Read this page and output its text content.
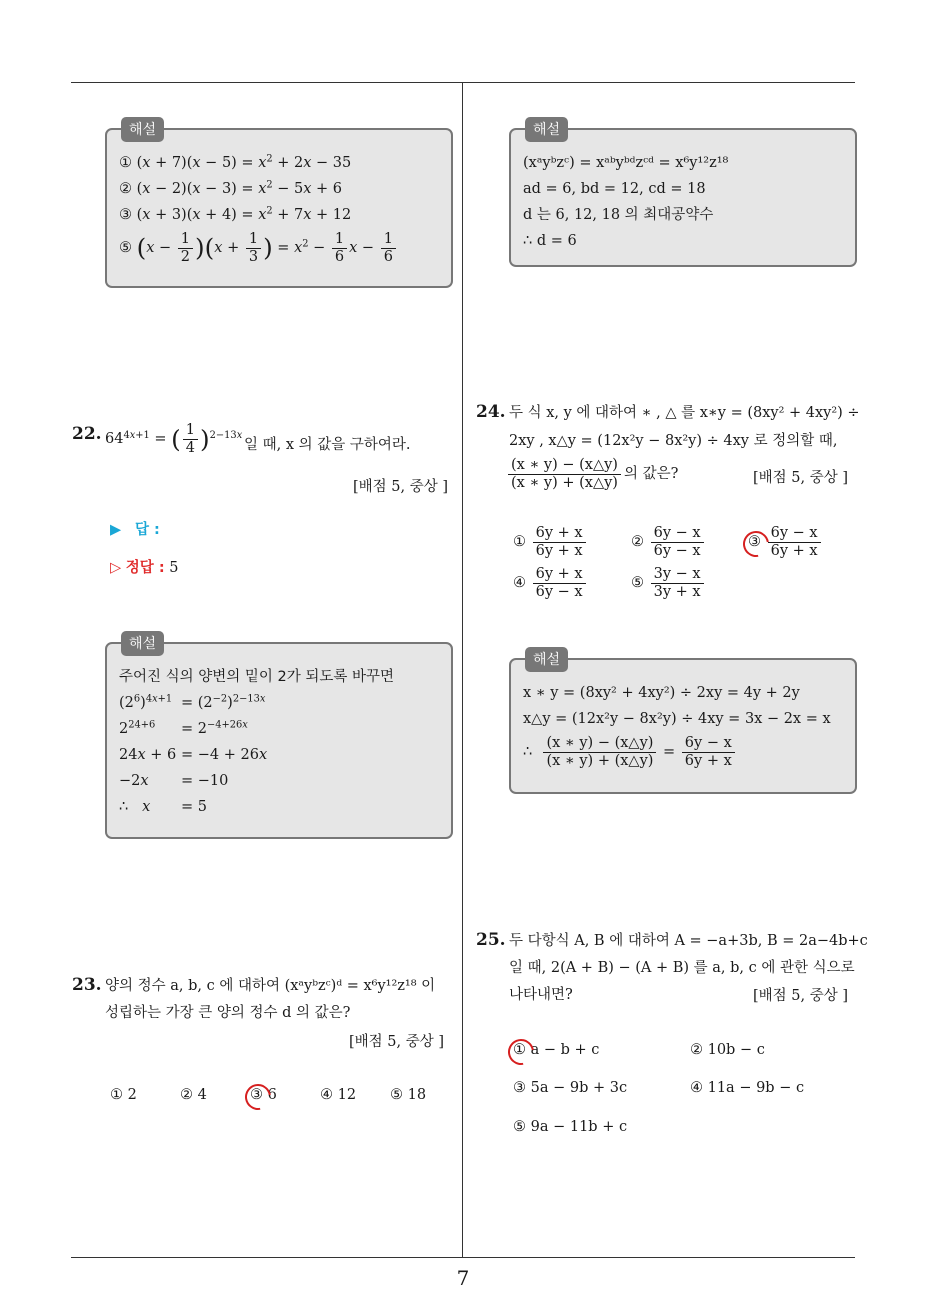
7
해설
① $(x + 7)(x - 5) = x^2 + 2x - 35$
② $(x - 2)(x - 3) = x^2 - 5x + 6$
③ $(x + 3)(x + 4) = x^2 + 7x + 12$
⑤ $(x - \frac{1}{2} )(x + \frac{1}{3}$ ) = $x^2 - \frac{1}{6}$ $x - \frac{1}{6}$
해설
(xᵃyᵇzᶜ) = xᵃᵇyᵇᵈzᶜᵈ = x⁶y¹²z¹⁸
ad = 6, bd = 12, cd = 18
d 는 6, 12, 18 의 최대공약수
∴ d = 6
22. $64^{4x+1}$ = ( $\frac{1}{4} )^{2-13x}$
일 때, x 의 값을 구하여라.
[배점 5, 중상 ]
▶ 답 :
▷ 정답 : 5
해설
주어진 식의 양변의 밑이 2가 되도록 바꾸면
$(2^6)^{4x+1} = (2^{-2})^{2-13x}$
$2^{24+6} = 2^{-4+26x}$
24x + 6 = −4 + 26x
−2x = −10
∴   x = 5
23. 양의 정수 a, b, c 에 대하여 (xᵃyᵇzᶜ)ᵈ = x⁶y¹²z¹⁸ 이
성립하는 가장 큰 양의 정수 d 의 값은?
[배점 5, 중상 ]
① 2	② 4	③ 6	④ 12 ⑤ 18
24. 두 식 x, y 에 대하여 ∗ , △ 를 x∗y = (8xy² + 4xy²) ÷
2xy , x△y = (12x²y − 8x²y) ÷ 4xy 로 정의할 때,
$\frac{(x ∗ y) - (x\triangle y)}{(x ∗ y) + (x\triangle y)}$ 의 값은?	[배점 5, 중상 ]
① $\frac{6y + x}{6y + x}$	② $\frac{6y - x}{6y - x}$	③ $\frac{6y - x}{6y + x}$
④ $\frac{6y + x}{6y - x}$	⑤ $\frac{3y - x}{3y + x}$
해설
x ∗ y = (8xy² + 4xy²) ÷ 2xy = 4y + 2y
x△y = (12x²y − 8x²y) ÷ 4xy = 3x − 2x = x
∴ $\frac{(x ∗ y) - (x\triangle y)}{(x ∗ y) + (x\triangle y)} = \frac{6y - x}{6y + x}$
25. 두 다항식 A, B 에 대하여 A = −a+3b, B = 2a−4b+c
일 때, 2(A + B) − (A + B) 를 a, b, c 에 관한 식으로
나타내면?	[배점 5, 중상 ]
① a − b + c	② 10b − c
③ 5a − 9b + 3c	④ 11a − 9b − c
⑤ 9a − 11b + c
